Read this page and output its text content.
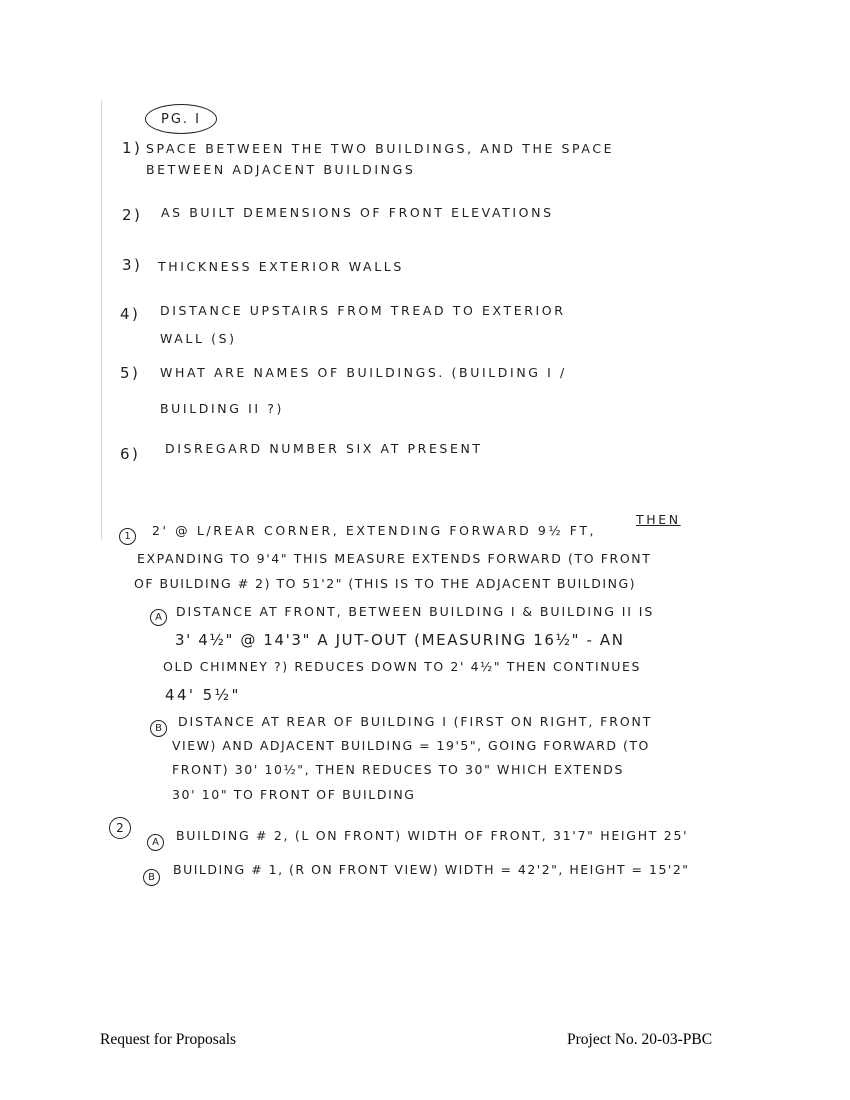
PG. I
1) SPACE BETWEEN THE TWO BUILDINGS, AND THE SPACE
BETWEEN ADJACENT BUILDINGS
2) AS BUILT DEMENSIONS OF FRONT ELEVATIONS
3) THICKNESS EXTERIOR WALLS
4) DISTANCE UPSTAIRS FROM TREAD TO EXTERIOR
WALL (S)
5) WHAT ARE NAMES OF BUILDINGS. (BUILDING I /
BUILDING II ?)
6) DISREGARD NUMBER SIX AT PRESENT
1	2' @ L/REAR CORNER, EXTENDING FORWARD 9½ FT,
THEN
EXPANDING TO 9'4" THIS MEASURE EXTENDS FORWARD (TO FRONT
OF BUILDING # 2) TO 51'2" (THIS IS TO THE ADJACENT BUILDING)
A	DISTANCE AT FRONT, BETWEEN BUILDING I & BUILDING II IS
3' 4½" @ 14'3" A JUT-OUT (MEASURING 16½" - AN
OLD CHIMNEY ?) REDUCES DOWN TO 2' 4½" THEN CONTINUES
44' 5½"
B	DISTANCE AT REAR OF BUILDING I (FIRST ON RIGHT, FRONT
VIEW) AND ADJACENT BUILDING = 19'5", GOING FORWARD (TO
FRONT) 30' 10½", THEN REDUCES TO 30" WHICH EXTENDS
30' 10" TO FRONT OF BUILDING
2
A	BUILDING # 2, (L ON FRONT) WIDTH OF FRONT, 31'7" HEIGHT 25'
B
BUILDING # 1, (R ON FRONT VIEW) WIDTH = 42'2", HEIGHT = 15'2"
Request for Proposals	Project No. 20-03-PBC
